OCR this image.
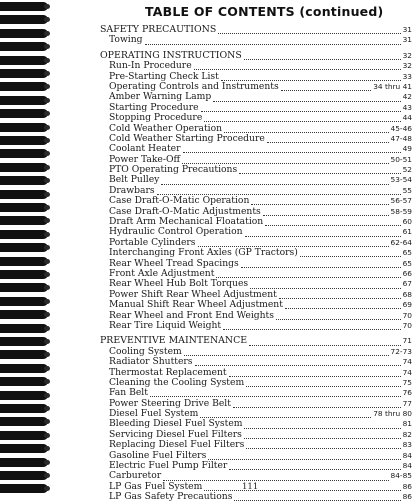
TABLE OF CONTENTS (continued)
SAFETY PRECAUTIONS	31
Towing	31
OPERATING INSTRUCTIONS	32
Run-In Procedure	32
Pre-Starting Check List	33
Operating Controls and Instruments	34 thru 41
Amber Warning Lamp	42
Starting Procedure	43
Stopping Procedure	44
Cold Weather Operation	45-46
Cold Weather Starting Procedure	47-48
Coolant Heater	49
Power Take-Off	50-51
PTO Operating Precautions	52
Belt Pulley	53-54
Drawbars	55
Case Draft-O-Matic Operation	56-57
Case Draft-O-Matic Adjustments	58-59
Draft Arm Mechanical Floatation	60
Hydraulic Control Operation	61
Portable Cylinders	62-64
Interchanging Front Axles (GP Tractors)	65
Rear Wheel Tread Spacings	65
Front Axle Adjustment	66
Rear Wheel Hub Bolt Torques	67
Power Shift Rear Wheel Adjustment	68
Manual Shift Rear Wheel Adjustment	69
Rear Wheel and Front End Weights	70
Rear Tire Liquid Weight	70
PREVENTIVE MAINTENANCE	71
Cooling System	72-73
Radiator Shutters	74
Thermostat Replacement	74
Cleaning the Cooling System	75
Fan Belt	76
Power Steering Drive Belt	77
Diesel Fuel System	78 thru 80
Bleeding Diesel Fuel System	81
Servicing Diesel Fuel Filters	82
Replacing Diesel Fuel Filters	83
Gasoline Fuel Filters	84
Electric Fuel Pump Filter	84
Carburetor	84-85
LP Gas Fuel System	86
LP Gas Safety Precautions	86
111
